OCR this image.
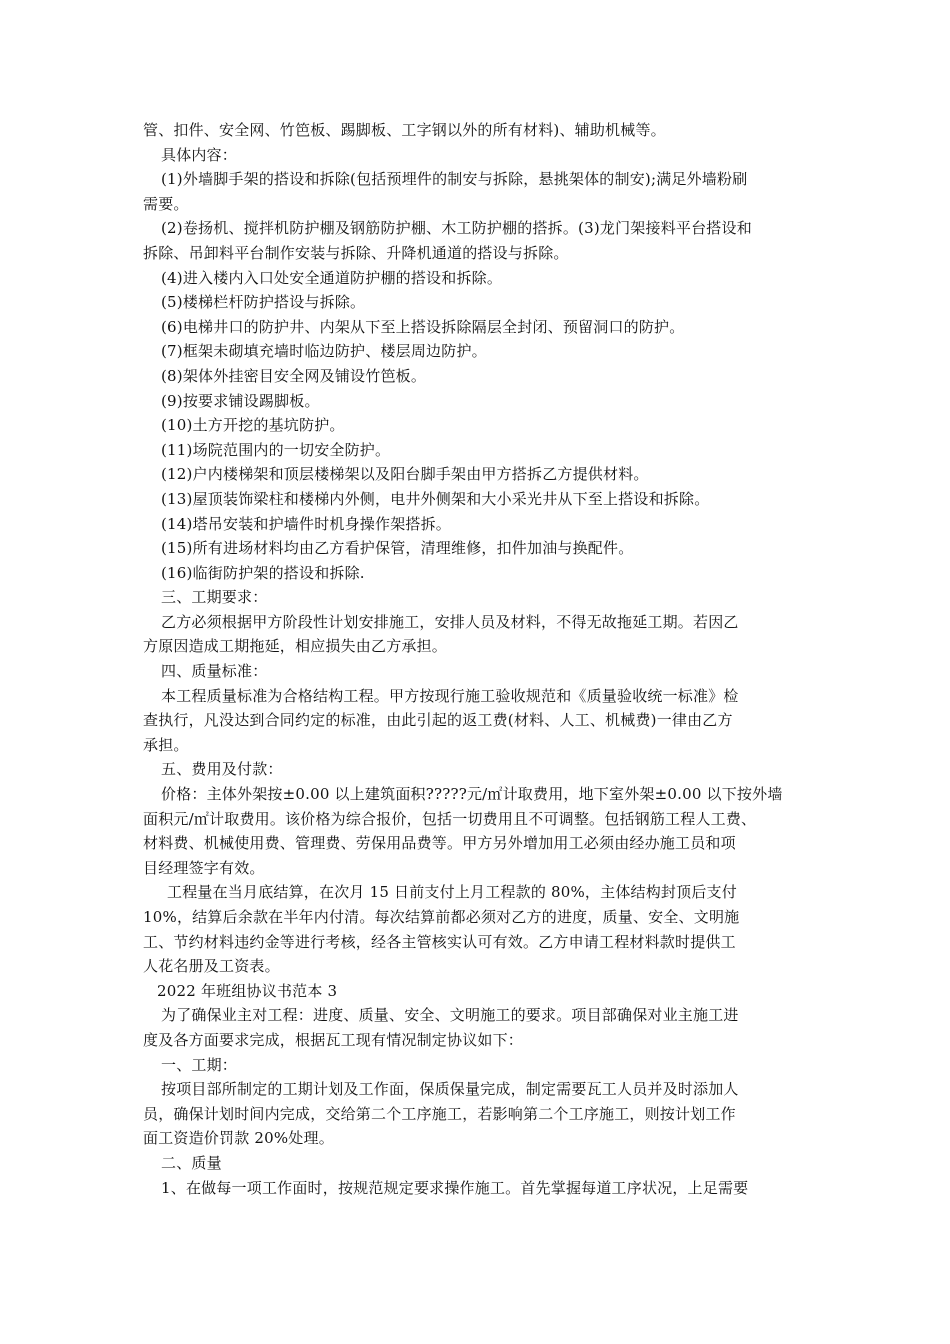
管、扣件、安全网、竹笆板、踢脚板、工字钢以外的所有材料)、辅助机械等。
具体内容：
(1)外墙脚手架的搭设和拆除(包括预埋件的制安与拆除，悬挑架体的制安);满足外墙粉刷
需要。
(2)卷扬机、搅拌机防护棚及钢筋防护棚、木工防护棚的搭拆。(3)龙门架接料平台搭设和
拆除、吊卸料平台制作安装与拆除、升降机通道的搭设与拆除。
(4)进入楼内入口处安全通道防护棚的搭设和拆除。
(5)楼梯栏杆防护搭设与拆除。
(6)电梯井口的防护井、内架从下至上搭设拆除隔层全封闭、预留洞口的防护。
(7)框架未砌填充墙时临边防护、楼层周边防护。
(8)架体外挂密目安全网及铺设竹笆板。
(9)按要求铺设踢脚板。
(10)土方开挖的基坑防护。
(11)场院范围内的一切安全防护。
(12)户内楼梯架和顶层楼梯架以及阳台脚手架由甲方搭拆乙方提供材料。
(13)屋顶装饰梁柱和楼梯内外侧，电井外侧架和大小采光井从下至上搭设和拆除。
(14)塔吊安装和护墙件时机身操作架搭拆。
(15)所有进场材料均由乙方看护保管，清理维修，扣件加油与换配件。
(16)临街防护架的搭设和拆除.
三、工期要求：
乙方必须根据甲方阶段性计划安排施工，安排人员及材料，不得无故拖延工期。若因乙
方原因造成工期拖延，相应损失由乙方承担。
四、质量标准：
本工程质量标准为合格结构工程。甲方按现行施工验收规范和《质量验收统一标准》检
查执行，凡没达到合同约定的标准，由此引起的返工费(材料、人工、机械费)一律由乙方
承担。
五、费用及付款：
价格：主体外架按±0.00 以上建筑面积?????元/㎡计取费用，地下室外架±0.00 以下按外墙
面积元/㎡计取费用。该价格为综合报价，包括一切费用且不可调整。包括钢筋工程人工费、
材料费、机械使用费、管理费、劳保用品费等。甲方另外增加用工必须由经办施工员和项
目经理签字有效。
工程量在当月底结算，在次月 15 日前支付上月工程款的 80%，主体结构封顶后支付
10%，结算后余款在半年内付清。每次结算前都必须对乙方的进度，质量、安全、文明施
工、节约材料违约金等进行考核，经各主管核实认可有效。乙方申请工程材料款时提供工
人花名册及工资表。
2022 年班组协议书范本 3
为了确保业主对工程：进度、质量、安全、文明施工的要求。项目部确保对业主施工进
度及各方面要求完成，根据瓦工现有情况制定协议如下：
一、工期：
按项目部所制定的工期计划及工作面，保质保量完成，制定需要瓦工人员并及时添加人
员，确保计划时间内完成，交给第二个工序施工，若影响第二个工序施工，则按计划工作
面工资造价罚款 20%处理。
二、质量
1、在做每一项工作面时，按规范规定要求操作施工。首先掌握每道工序状况，上足需要
